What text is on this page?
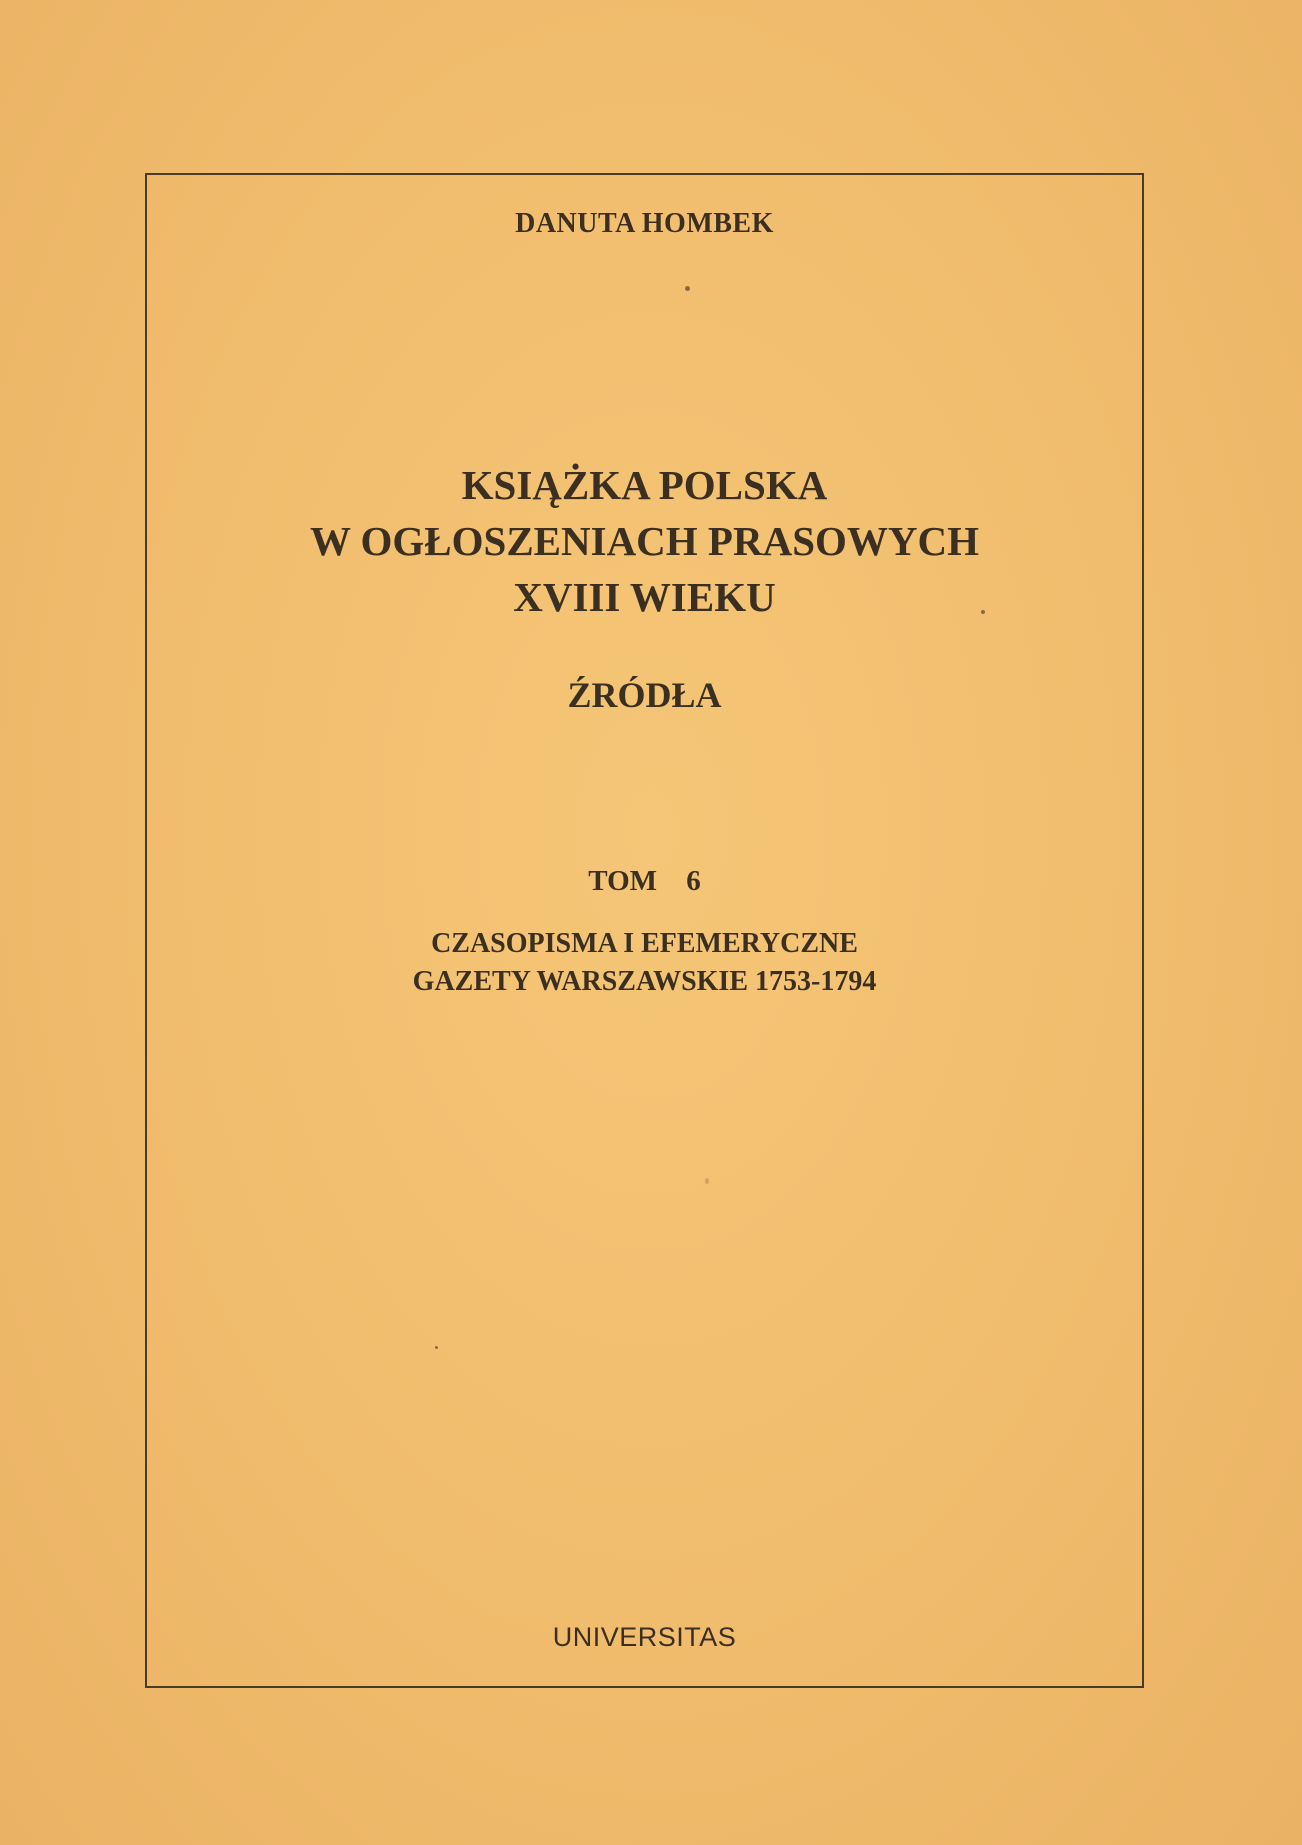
DANUTA HOMBEK
KSIĄŻKA POLSKA
W OGŁOSZENIACH PRASOWYCH
XVIII WIEKU
ŹRÓDŁA
TOM 6
CZASOPISMA I EFEMERYCZNE
GAZETY WARSZAWSKIE 1753-1794
UNIVERSITAS
